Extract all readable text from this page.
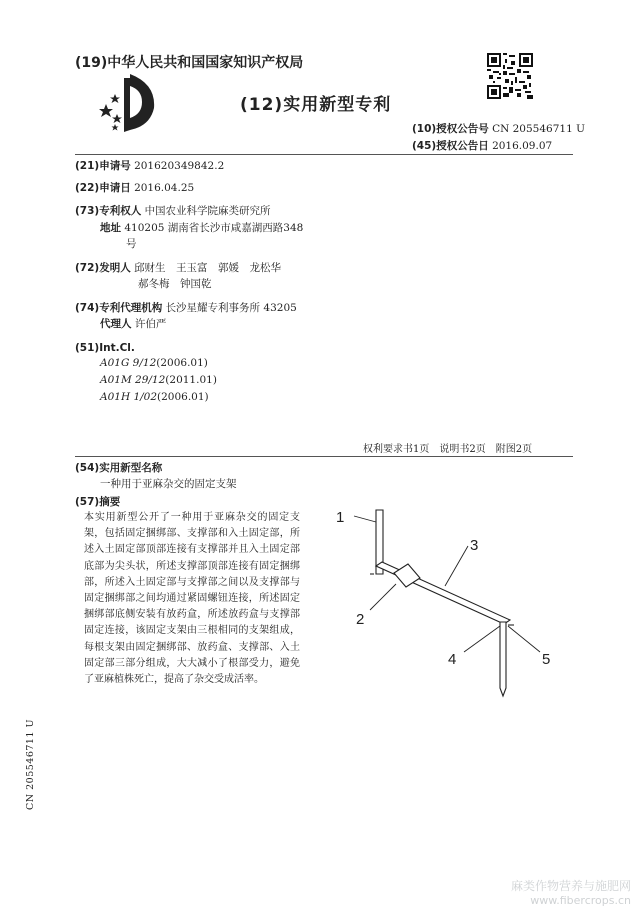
(19)中华人民共和国国家知识产权局
(12)实用新型专利
(10)授权公告号 CN 205546711 U
(45)授权公告日 2016.09.07
(21)申请号 201620349842.2
(22)申请日 2016.04.25
(73)专利权人 中国农业科学院麻类研究所
地址 410205 湖南省长沙市咸嘉湖西路348
号
(72)发明人 邱财生　王玉富　郭媛　龙松华
郝冬梅　钟国乾
(74)专利代理机构 长沙星耀专利事务所 43205
代理人 许伯严
(51)Int.Cl.
A01G 9/12(2006.01)
A01M 29/12(2011.01)
A01H 1/02(2006.01)
权利要求书1页　说明书2页　附图2页
(54)实用新型名称
一种用于亚麻杂交的固定支架
(57)摘要
本实用新型公开了一种用于亚麻杂交的固定支架，包括固定捆绑部、支撑部和入土固定部，所述入土固定部顶部连接有支撑部并且入土固定部底部为尖头状，所述支撑部顶部连接有固定捆绑部，所述入土固定部与支撑部之间以及支撑部与固定捆绑部之间均通过紧固螺钮连接，所述固定捆绑部底侧安装有放药盒，所述放药盒与支撑部固定连接，该固定支架由三根相同的支架组成，每根支架由固定捆绑部、放药盒、支撑部、入土固定部三部分组成，大大减小了根部受力，避免了亚麻植株死亡，提高了杂交受成活率。
1
2
3
4	5
CN 205546711 U
麻类作物营养与施肥网
www.fibercrops.cn
